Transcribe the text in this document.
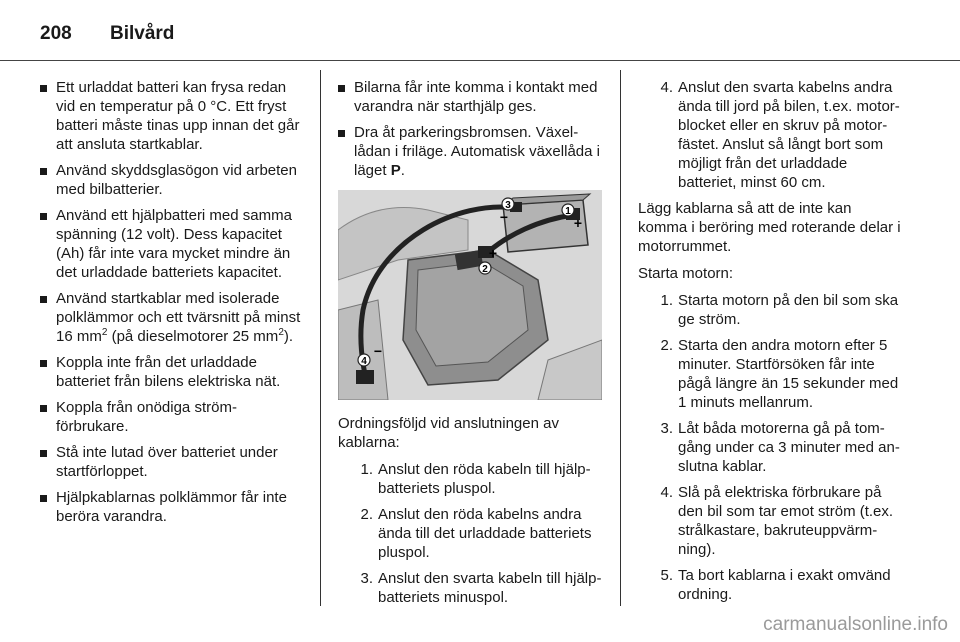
208	Bilvård
Ett urladdat batteri kan frysa redan vid en temperatur på 0 °C. Ett fryst batteri måste tinas upp innan det går att ansluta startkablar.
Använd skyddsglasögon vid arbeten med bilbatterier.
Använd ett hjälpbatteri med samma spänning (12 volt). Dess kapacitet (Ah) får inte vara mycket mindre än det urladdade batteriets kapacitet.
Använd startkablar med isolerade polklämmor och ett tvärsnitt på minst 16 $mm^2$ (på dieselmotorer 25 $mm^2$).
Koppla inte från det urladdade batteriet från bilens elektriska nät.
Koppla från onödiga strömförbrukare.
Stå inte lutad över batteriet under startförloppet.
Hjälpkablarnas polklämmor får inte beröra varandra.
Bilarna får inte komma i kontakt med varandra när starthjälp ges.
Dra åt parkeringsbromsen. Växellådan i friläge. Automatisk växellåda i läget P.
3
−	1
+
2
+
4
−
Ordningsföljd vid anslutningen av kablarna:
1. Anslut den röda kabeln till hjälpbatteriets pluspol.
2. Anslut den röda kabelns andra ända till det urladdade batteriets pluspol.
3. Anslut den svarta kabeln till hjälpbatteriets minuspol.
4. Anslut den svarta kabelns andra ända till jord på bilen, t.ex. motorblocket eller en skruv på motorfästet. Anslut så långt bort som möjligt från det urladdade batteriet, minst 60 cm.
Lägg kablarna så att de inte kan komma i beröring med roterande delar i motorrummet.
Starta motorn:
1. Starta motorn på den bil som ska ge ström.
2. Starta den andra motorn efter 5 minuter. Startförsöken får inte pågå längre än 15 sekunder med 1 minuts mellanrum.
3. Låt båda motorerna gå på tomgång under ca 3 minuter med anslutna kablar.
4. Slå på elektriska förbrukare på den bil som tar emot ström (t.ex. strålkastare, bakruteuppvärmning).
5. Ta bort kablarna i exakt omvänd ordning.
carmanualsonline.info
